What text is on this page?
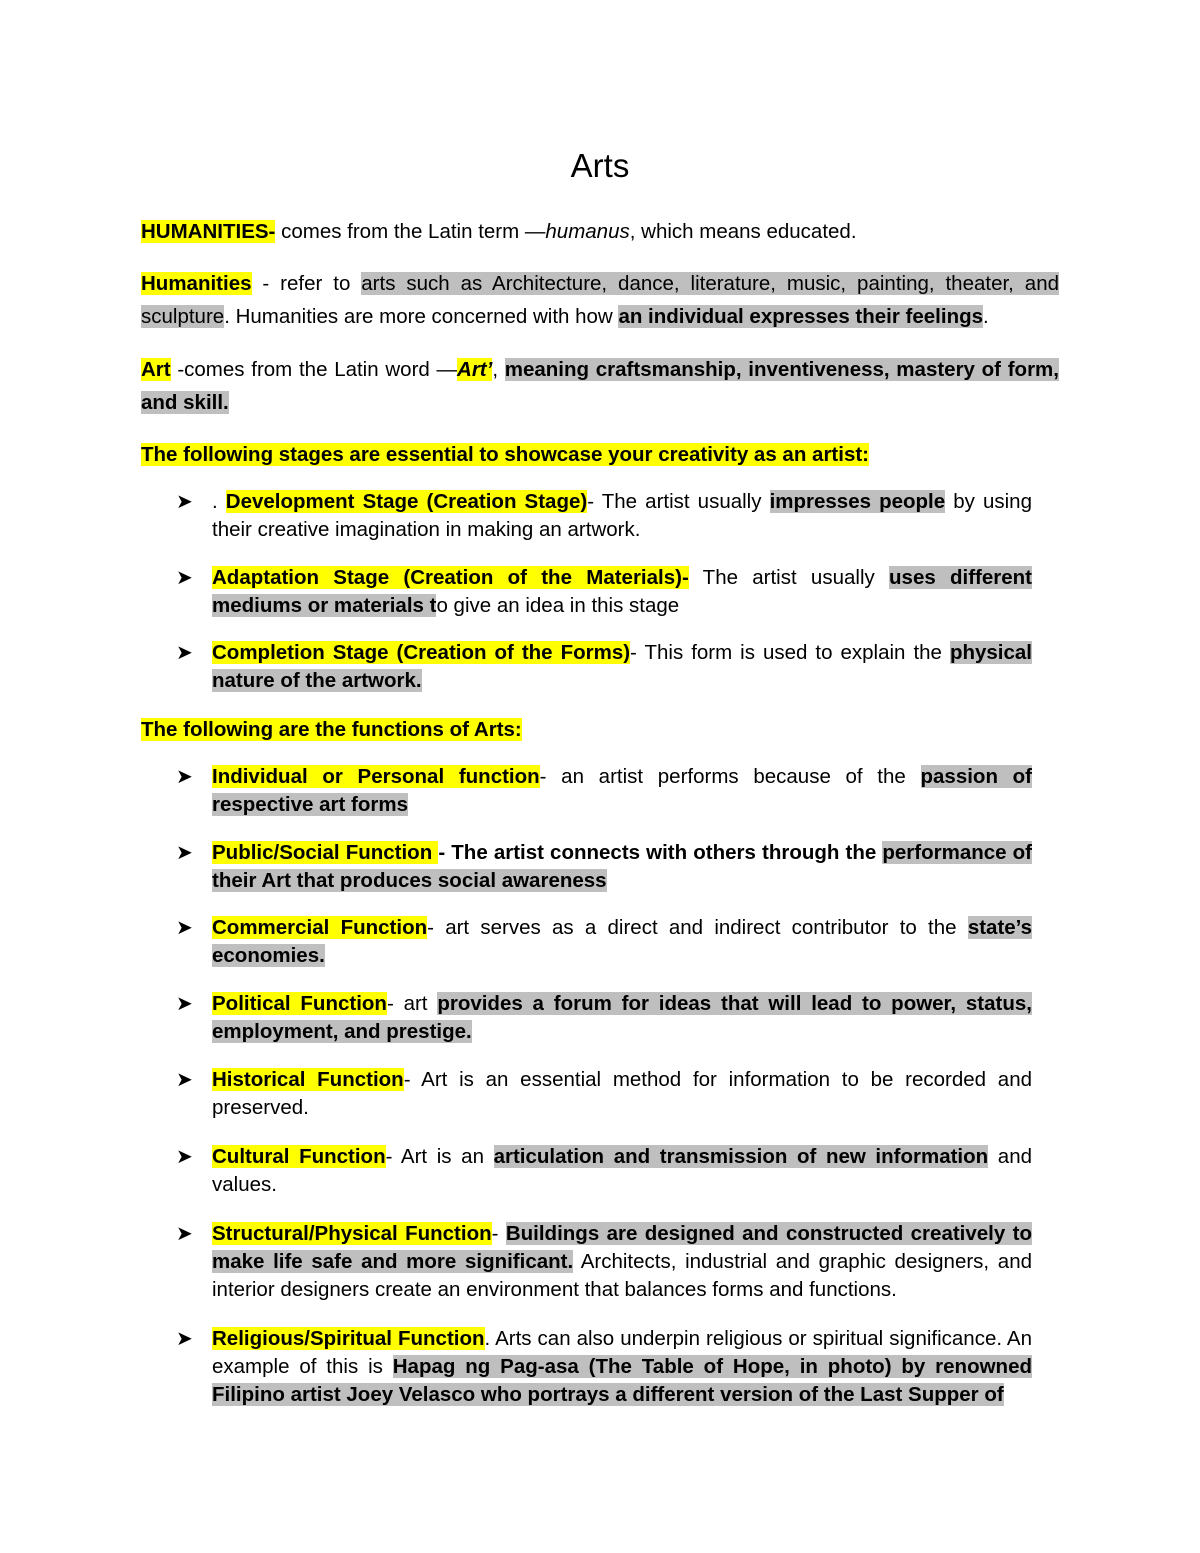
Arts
HUMANITIES- comes from the Latin term —humanus, which means educated.
Humanities - refer to arts such as Architecture, dance, literature, music, painting, theater, and sculpture. Humanities are more concerned with how an individual expresses their feelings.
Art -comes from the Latin word —Art’, meaning craftsmanship, inventiveness, mastery of form, and skill.
The following stages are essential to showcase your creativity as an artist:
➤ . Development Stage (Creation Stage)- The artist usually impresses people by using their creative imagination in making an artwork.
➤ Adaptation Stage (Creation of the Materials)- The artist usually uses different mediums or materials to give an idea in this stage
➤ Completion Stage (Creation of the Forms)- This form is used to explain the physical nature of the artwork.
The following are the functions of Arts:
➤ Individual or Personal function- an artist performs because of the passion of respective art forms
➤ Public/Social Function - The artist connects with others through the performance of their Art that produces social awareness
➤ Commercial Function- art serves as a direct and indirect contributor to the state’s economies.
➤ Political Function- art provides a forum for ideas that will lead to power, status, employment, and prestige.
➤ Historical Function- Art is an essential method for information to be recorded and preserved.
➤ Cultural Function- Art is an articulation and transmission of new information and values.
➤ Structural/Physical Function- Buildings are designed and constructed creatively to make life safe and more significant. Architects, industrial and graphic designers, and interior designers create an environment that balances forms and functions.
➤ Religious/Spiritual Function. Arts can also underpin religious or spiritual significance. An example of this is Hapag ng Pag-asa (The Table of Hope, in photo) by renowned Filipino artist Joey Velasco who portrays a different version of the Last Supper of
